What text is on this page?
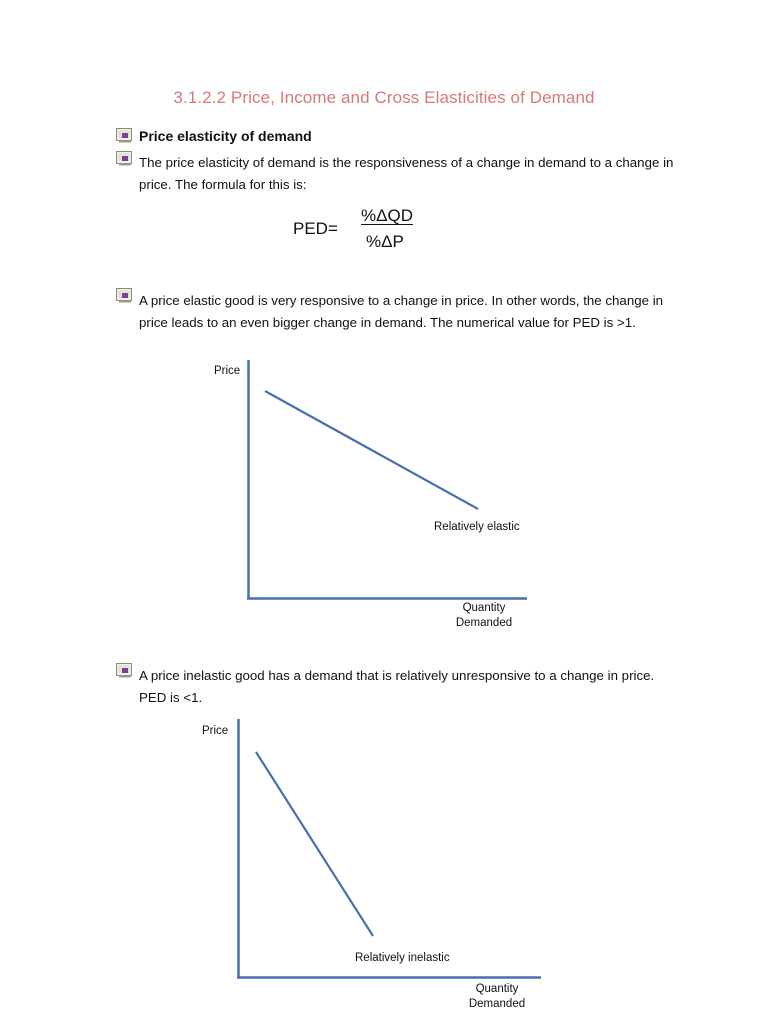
3.1.2.2 Price, Income and Cross Elasticities of Demand
Price elasticity of demand
The price elasticity of demand is the responsiveness of a change in demand to a change in price. The formula for this is:
PED=
%ΔQD
%ΔP
A price elastic good is very responsive to a change in price. In other words, the change in price leads to an even bigger change in demand. The numerical value for PED is >1.
Price
Relatively elastic
Quantity
Demanded
A price inelastic good has a demand that is relatively unresponsive to a change in price. PED is <1.
Price
Relatively inelastic
Quantity
Demanded
